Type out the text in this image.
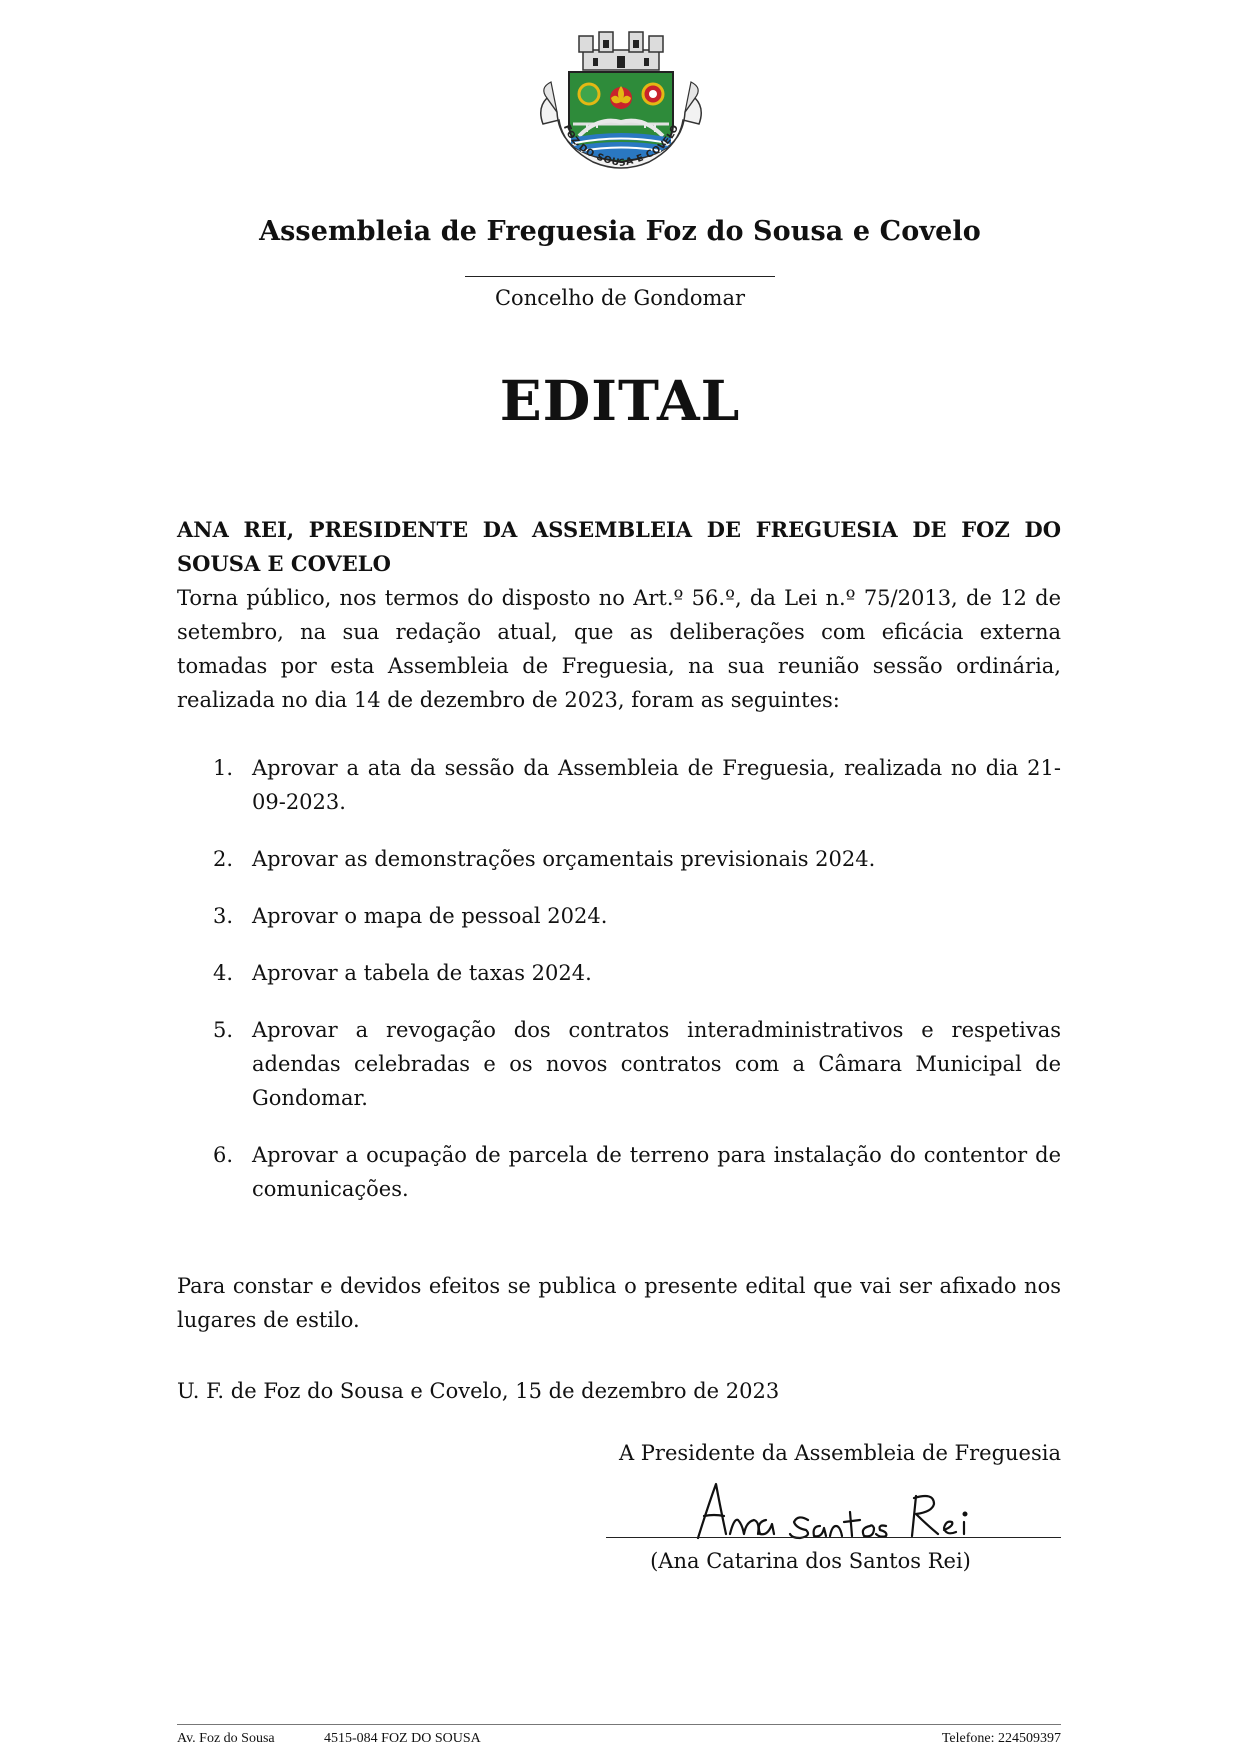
FOZ DO SOUSA E COVELO
Assembleia de Freguesia Foz do Sousa e Covelo
Concelho de Gondomar
EDITAL
ANA REI, PRESIDENTE DA ASSEMBLEIA DE FREGUESIA DE FOZ DO SOUSA E COVELO
Torna público, nos termos do disposto no Art.º 56.º, da Lei n.º 75/2013, de 12 de setembro, na sua redação atual, que as deliberações com eficácia externa tomadas por esta Assembleia de Freguesia, na sua reunião sessão ordinária, realizada no dia 14 de dezembro de 2023, foram as seguintes:
1. Aprovar a ata da sessão da Assembleia de Freguesia, realizada no dia 21-09-2023.
2. Aprovar as demonstrações orçamentais previsionais 2024.
3. Aprovar o mapa de pessoal 2024.
4. Aprovar a tabela de taxas 2024.
5. Aprovar a revogação dos contratos interadministrativos e respetivas adendas celebradas e os novos contratos com a Câmara Municipal de Gondomar.
6. Aprovar a ocupação de parcela de terreno para instalação do contentor de comunicações.
Para constar e devidos efeitos se publica o presente edital que vai ser afixado nos lugares de estilo.
U. F. de Foz do Sousa e Covelo, 15 de dezembro de 2023
A Presidente da Assembleia de Freguesia
(Ana Catarina dos Santos Rei)
Av. Foz do Sousa	4515-084 FOZ DO SOUSA	Telefone: 224509397
